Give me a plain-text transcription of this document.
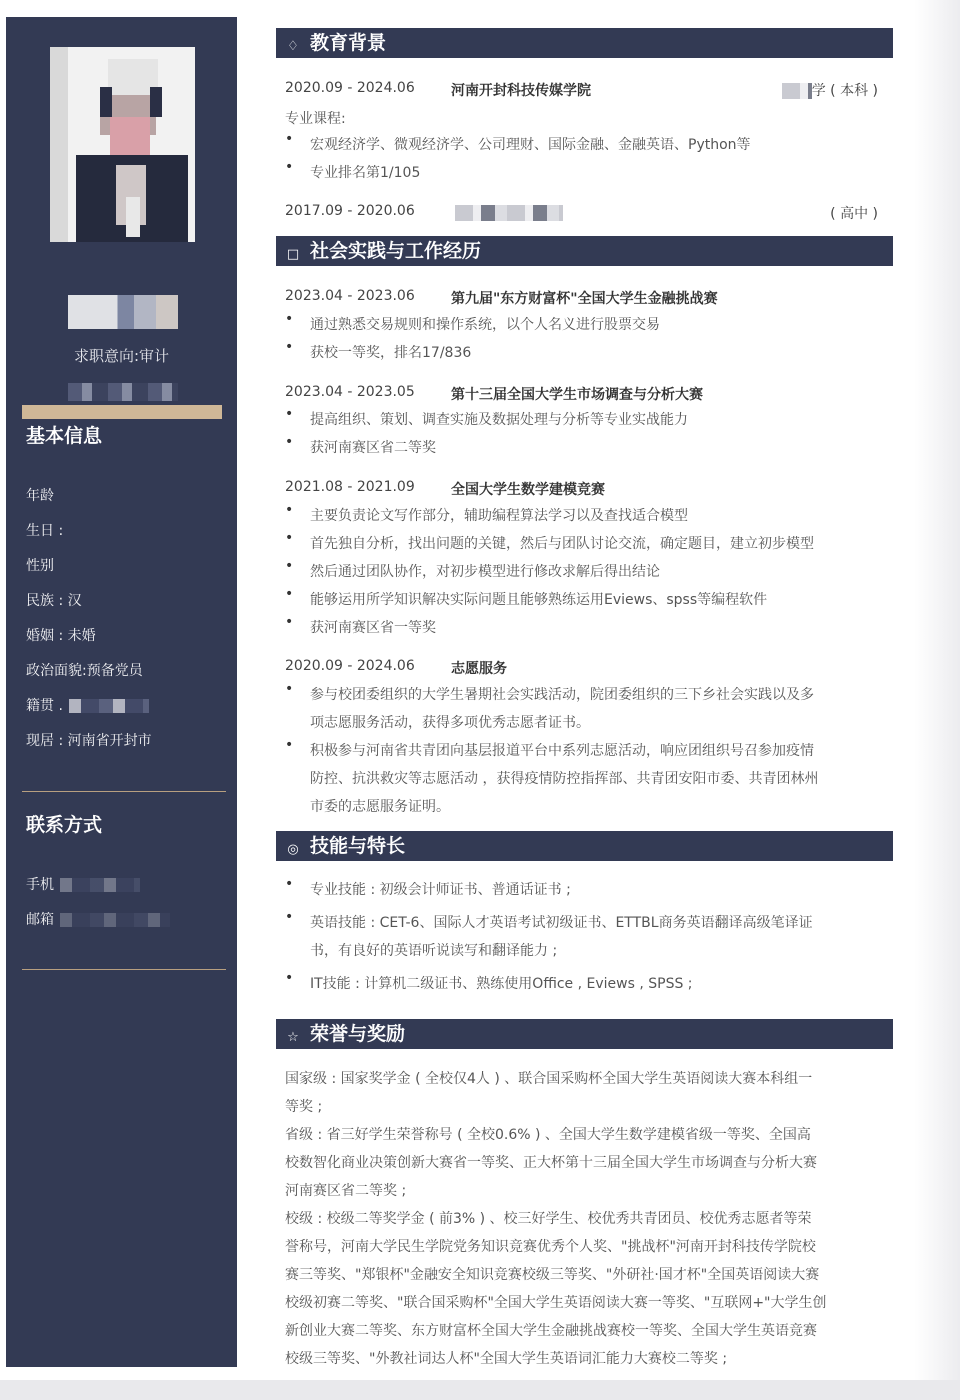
求职意向:审计
基本信息
年龄
生日 :
性别
民族 : 汉
婚姻 : 未婚
政治面貌:预备党员
籍贯 .
现居 : 河南省开封市
联系方式
手机
邮箱
♢ 教育背景
2020.09 - 2024.06	河南开封科技传媒学院	学 ( 本科 )
专业课程:
• 宏观经济学、微观经济学、公司理财、国际金融、金融英语、Python等
• 专业排名第1/105
2017.09 - 2020.06	( 高中 )
□ 社会实践与工作经历
2023.04 - 2023.06	第九届"东方财富杯"全国大学生金融挑战赛
• 通过熟悉交易规则和操作系统，以个人名义进行股票交易
• 获校一等奖，排名17/836
2023.04 - 2023.05	第十三届全国大学生市场调查与分析大赛
• 提高组织、策划、调查实施及数据处理与分析等专业实战能力
• 获河南赛区省二等奖
2021.08 - 2021.09	全国大学生数学建模竞赛
• 主要负责论文写作部分，辅助编程算法学习以及查找适合模型
• 首先独自分析，找出问题的关键，然后与团队讨论交流，确定题目，建立初步模型
• 然后通过团队协作，对初步模型进行修改求解后得出结论
• 能够运用所学知识解决实际问题且能够熟练运用Eviews、spss等编程软件
• 获河南赛区省一等奖
2020.09 - 2024.06	志愿服务
• 参与校团委组织的大学生暑期社会实践活动，院团委组织的三下乡社会实践以及多
项志愿服务活动，获得多项优秀志愿者证书。
• 积极参与河南省共青团向基层报道平台中系列志愿活动，响应团组织号召参加疫情
防控、抗洪救灾等志愿活动 ，获得疫情防控指挥部、共青团安阳市委、共青团林州
市委的志愿服务证明。
◎ 技能与特长
• 专业技能 : 初级会计师证书、普通话证书 ;
• 英语技能 : CET-6、国际人才英语考试初级证书、ETTBL商务英语翻译高级笔译证
书，有良好的英语听说读写和翻译能力 ;
• IT技能 : 计算机二级证书、熟练使用Office , Eviews , SPSS ;
☆ 荣誉与奖励
国家级 : 国家奖学金 ( 全校仅4人 ) 、联合国采购杯全国大学生英语阅读大赛本科组一
等奖 ;
省级 : 省三好学生荣誉称号 ( 全校0.6% ) 、全国大学生数学建模省级一等奖、全国高
校数智化商业决策创新大赛省一等奖、正大杯第十三届全国大学生市场调查与分析大赛
河南赛区省二等奖 ;
校级 : 校级二等奖学金 ( 前3% ) 、校三好学生、校优秀共青团员、校优秀志愿者等荣
誉称号，河南大学民生学院党务知识竞赛优秀个人奖、"挑战杯"河南开封科技传学院校
赛三等奖、"郑银杯"金融安全知识竞赛校级三等奖、"外研社·国才杯"全国英语阅读大赛
校级初赛二等奖、"联合国采购杯"全国大学生英语阅读大赛一等奖、"互联网+"大学生创
新创业大赛二等奖、东方财富杯全国大学生金融挑战赛校一等奖、全国大学生英语竞赛
校级三等奖、"外教社词达人杯"全国大学生英语词汇能力大赛校二等奖 ;
